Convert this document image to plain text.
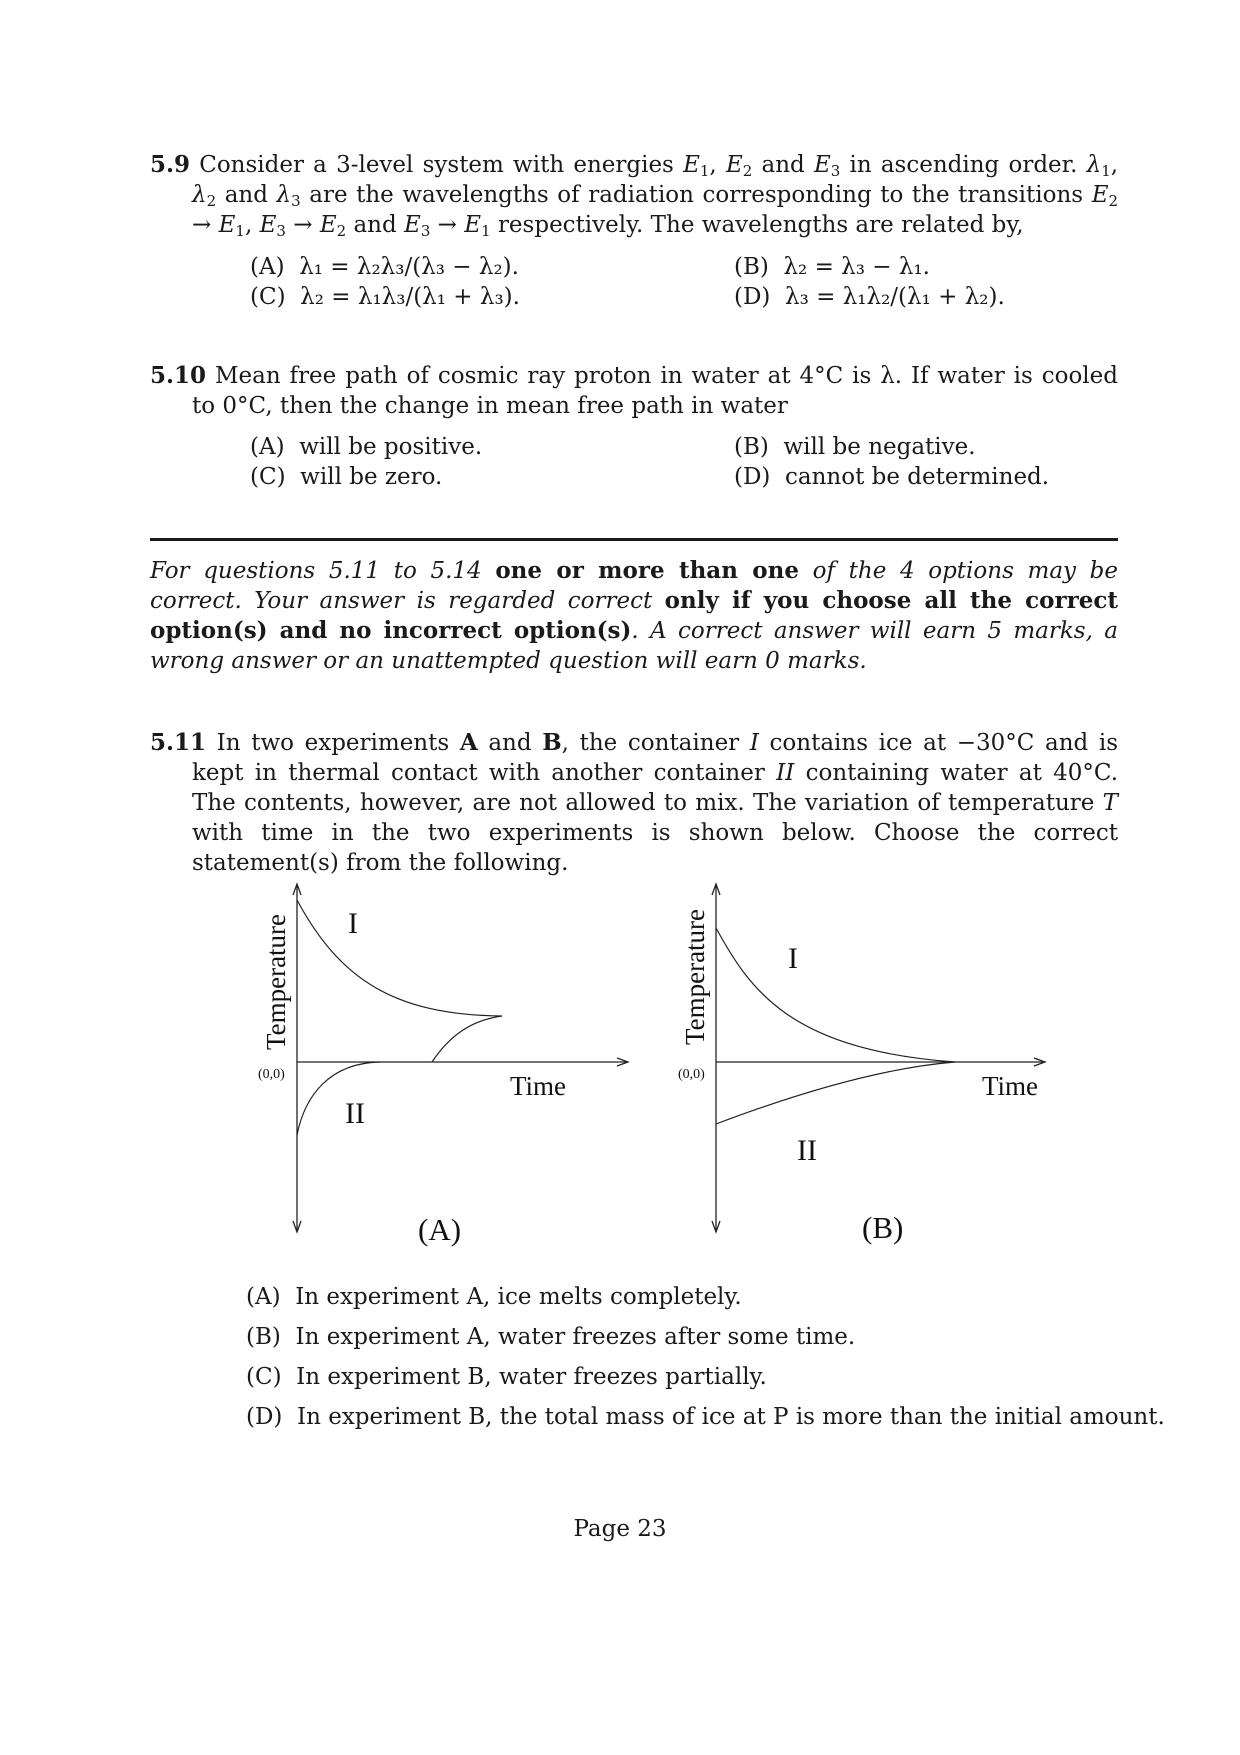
5.9 Consider a 3-level system with energies $E_1$, $E_2$ and $E_3$ in ascending order. $\lambda_1$, $\lambda_2$ and $\lambda_3$ are the wavelengths of radiation corresponding to the transitions $E_2 \to E_1$, $E_3 \to E_2$ and $E_3 \to E_1$ respectively. The wavelengths are related by,
(A) λ₁ = λ₂λ₃/(λ₃ − λ₂).	(B) λ₂ = λ₃ − λ₁.
(C) λ₂ = λ₁λ₃/(λ₁ + λ₃).	(D) λ₃ = λ₁λ₂/(λ₁ + λ₂).
5.10 Mean free path of cosmic ray proton in water at 4°C is λ. If water is cooled to 0°C, then the change in mean free path in water
(A) will be positive.	(B) will be negative.
(C) will be zero.	(D) cannot be determined.
For questions 5.11 to 5.14 one or more than one of the 4 options may be correct. Your answer is regarded correct only if you choose all the correct option(s) and no incorrect option(s). A correct answer will earn 5 marks, a wrong answer or an unattempted question will earn 0 marks.
5.11 In two experiments A and B, the container I contains ice at −30°C and is kept in thermal contact with another container II containing water at 40°C. The contents, however, are not allowed to mix. The variation of temperature T with time in the two experiments is shown below. Choose the correct statement(s) from the following.
Temperature
(0,0)	Time
I
II
(A)
Temperature
(0,0)	Time
I
II
(B)
(A) In experiment A, ice melts completely.
(B) In experiment A, water freezes after some time.
(C) In experiment B, water freezes partially.
(D) In experiment B, the total mass of ice at P is more than the initial amount.
Page 23
